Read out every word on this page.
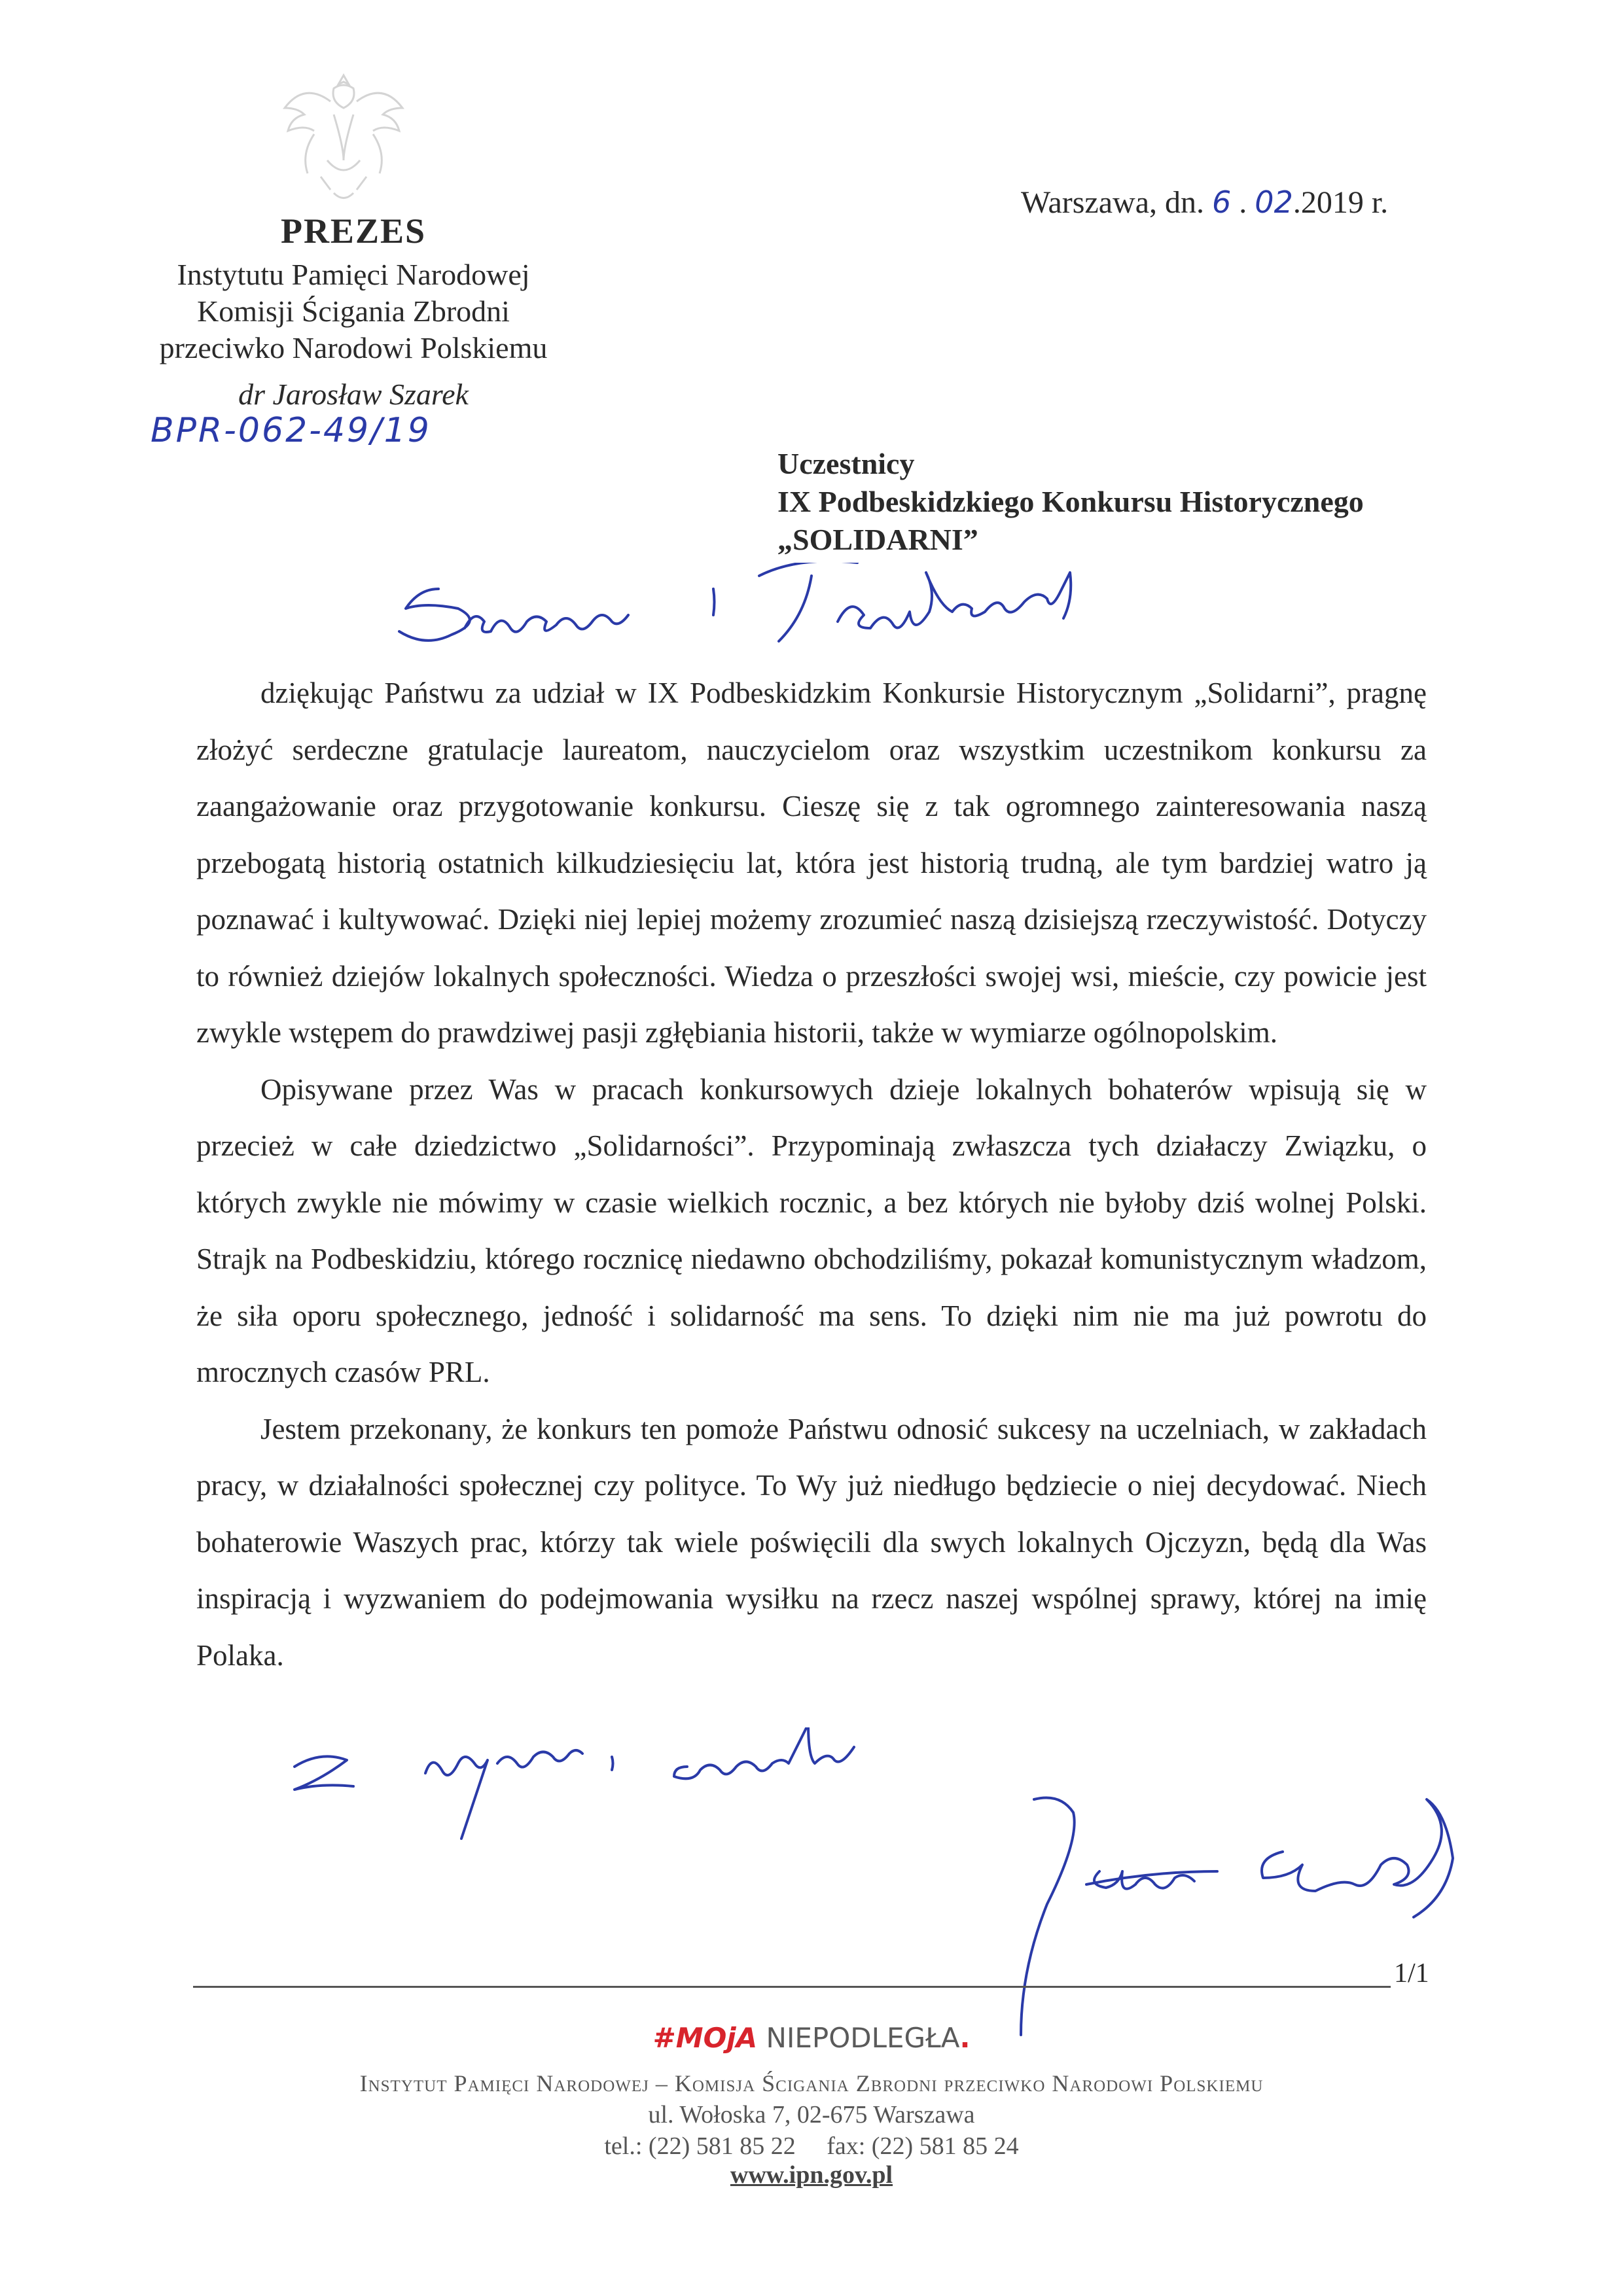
PREZES
Instytutu Pamięci Narodowej
Komisji Ścigania Zbrodni
przeciwko Narodowi Polskiemu
dr Jarosław Szarek
BPR-062-49/19
Warszawa, dn. 6 . 02.2019 r.
Uczestnicy
IX Podbeskidzkiego Konkursu Historycznego
„SOLIDARNI”

dziękując Państwu za udział w IX Podbeskidzkim Konkursie Historycznym „Solidarni”, pragnę złożyć serdeczne gratulacje laureatom, nauczycielom oraz wszystkim uczestnikom konkursu za zaangażowanie oraz przygotowanie konkursu. Cieszę się z tak ogromnego zainteresowania naszą przebogatą historią ostatnich kilkudziesięciu lat, która jest historią trudną, ale tym bardziej watro ją poznawać i kultywować. Dzięki niej lepiej możemy zrozumieć naszą dzisiejszą rzeczywistość. Dotyczy to również dziejów lokalnych społeczności. Wiedza o przeszłości swojej wsi, mieście, czy powicie jest zwykle wstępem do prawdziwej pasji zgłębiania historii, także w wymiarze ogólnopolskim.

Opisywane przez Was w pracach konkursowych dzieje lokalnych bohaterów wpisują się w przecież w całe dziedzictwo „Solidarności”. Przypominają zwłaszcza tych działaczy Związku, o których zwykle nie mówimy w czasie wielkich rocznic, a bez których nie byłoby dziś wolnej Polski. Strajk na Podbeskidziu, którego rocznicę niedawno obchodziliśmy, pokazał komunistycznym władzom, że siła oporu społecznego, jedność i solidarność ma sens. To dzięki nim nie ma już powrotu do mrocznych czasów PRL.

Jestem przekonany, że konkurs ten pomoże Państwu odnosić sukcesy na uczelniach, w zakładach pracy, w działalności społecznej czy polityce. To Wy już niedługo będziecie o niej decydować. Niech bohaterowie Waszych prac, którzy tak wiele poświęcili dla swych lokalnych Ojczyzn, będą dla Was inspiracją i wyzwaniem do podejmowania wysiłku na rzecz naszej wspólnej sprawy, której na imię Polaka.

1/1
#MOjA NIEPODLEGŁA.
Instytut Pamięci Narodowej – Komisja Ścigania Zbrodni przeciwko Narodowi Polskiemu
ul. Wołoska 7, 02-675 Warszawa
tel.: (22) 581 85 22     fax: (22) 581 85 24
www.ipn.gov.pl
